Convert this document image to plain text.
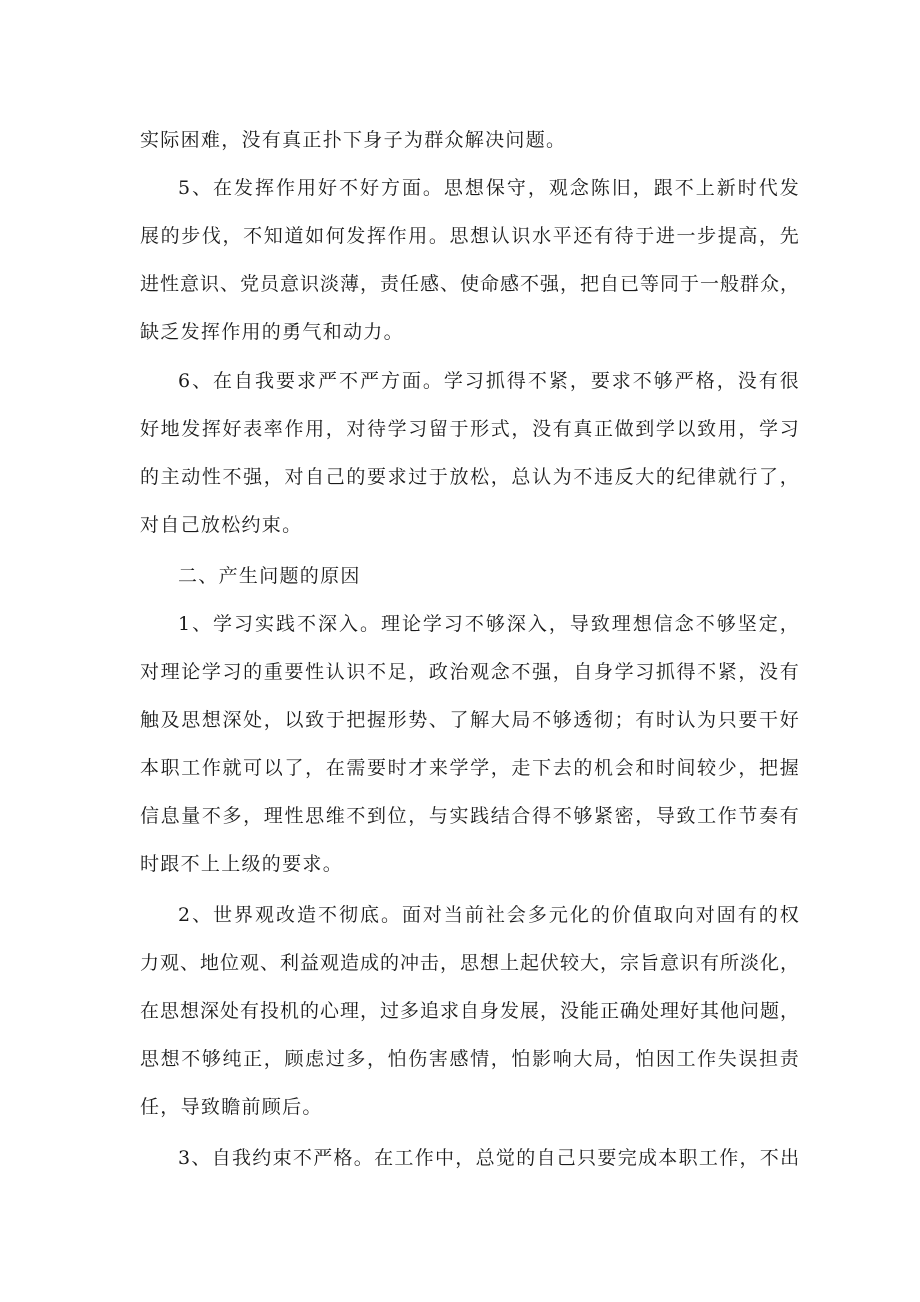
实际困难，没有真正扑下身子为群众解决问题。
5、在发挥作用好不好方面。思想保守，观念陈旧，跟不上新时代发
展的步伐，不知道如何发挥作用。思想认识水平还有待于进一步提高，先
进性意识、党员意识淡薄，责任感、使命感不强，把自已等同于一般群众，
缺乏发挥作用的勇气和动力。
6、在自我要求严不严方面。学习抓得不紧，要求不够严格，没有很
好地发挥好表率作用，对待学习留于形式，没有真正做到学以致用，学习
的主动性不强，对自己的要求过于放松，总认为不违反大的纪律就行了，
对自己放松约束。
二、产生问题的原因
1、学习实践不深入。理论学习不够深入，导致理想信念不够坚定，
对理论学习的重要性认识不足，政治观念不强，自身学习抓得不紧，没有
触及思想深处，以致于把握形势、了解大局不够透彻；有时认为只要干好
本职工作就可以了，在需要时才来学学，走下去的机会和时间较少，把握
信息量不多，理性思维不到位，与实践结合得不够紧密，导致工作节奏有
时跟不上上级的要求。
2、世界观改造不彻底。面对当前社会多元化的价值取向对固有的权
力观、地位观、利益观造成的冲击，思想上起伏较大，宗旨意识有所淡化，
在思想深处有投机的心理，过多追求自身发展，没能正确处理好其他问题，
思想不够纯正，顾虑过多，怕伤害感情，怕影响大局，怕因工作失误担责
任，导致瞻前顾后。
3、自我约束不严格。在工作中，总觉的自己只要完成本职工作，不出
